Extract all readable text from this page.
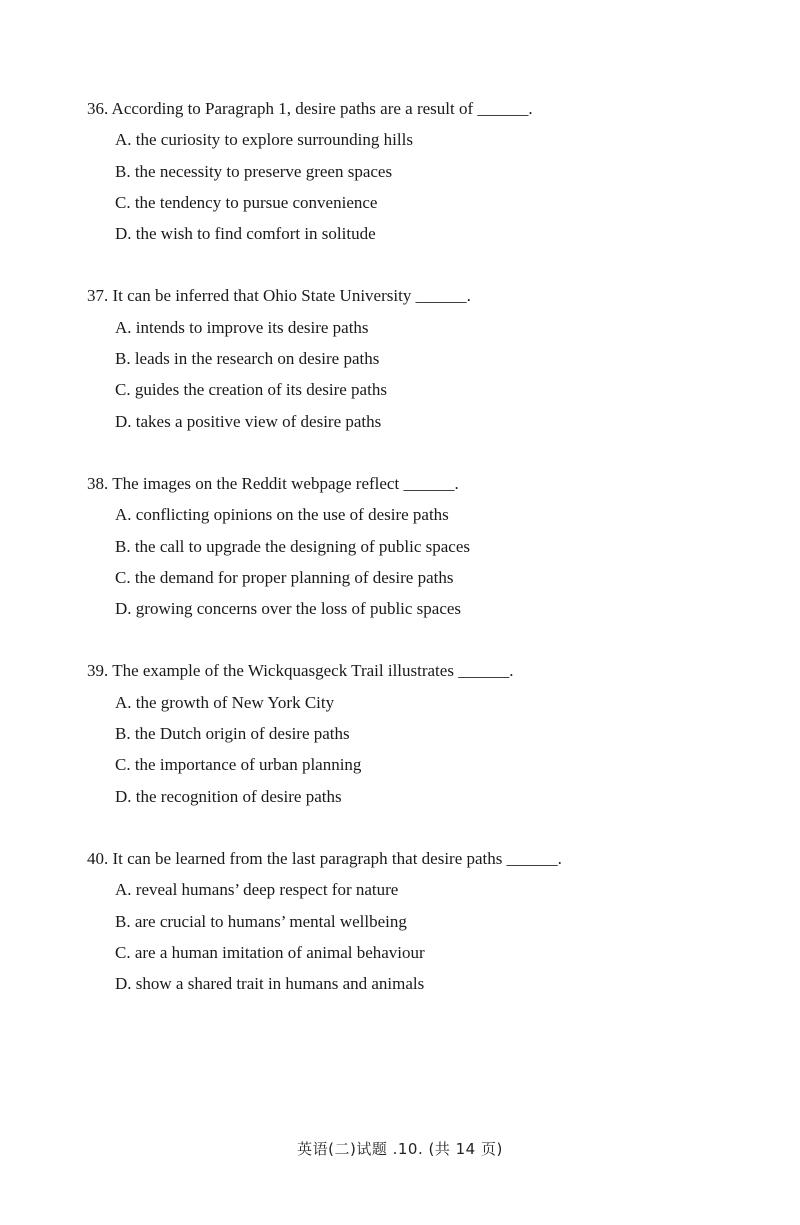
36. According to Paragraph 1, desire paths are a result of ______.
A. the curiosity to explore surrounding hills
B. the necessity to preserve green spaces
C. the tendency to pursue convenience
D. the wish to find comfort in solitude
37. It can be inferred that Ohio State University ______.
A. intends to improve its desire paths
B. leads in the research on desire paths
C. guides the creation of its desire paths
D. takes a positive view of desire paths
38. The images on the Reddit webpage reflect ______.
A. conflicting opinions on the use of desire paths
B. the call to upgrade the designing of public spaces
C. the demand for proper planning of desire paths
D. growing concerns over the loss of public spaces
39. The example of the Wickquasgeck Trail illustrates ______.
A. the growth of New York City
B. the Dutch origin of desire paths
C. the importance of urban planning
D. the recognition of desire paths
40. It can be learned from the last paragraph that desire paths ______.
A. reveal humans’ deep respect for nature
B. are crucial to humans’ mental wellbeing
C. are a human imitation of animal behaviour
D. show a shared trait in humans and animals
英语(二)试题 .10. (共 14 页)
